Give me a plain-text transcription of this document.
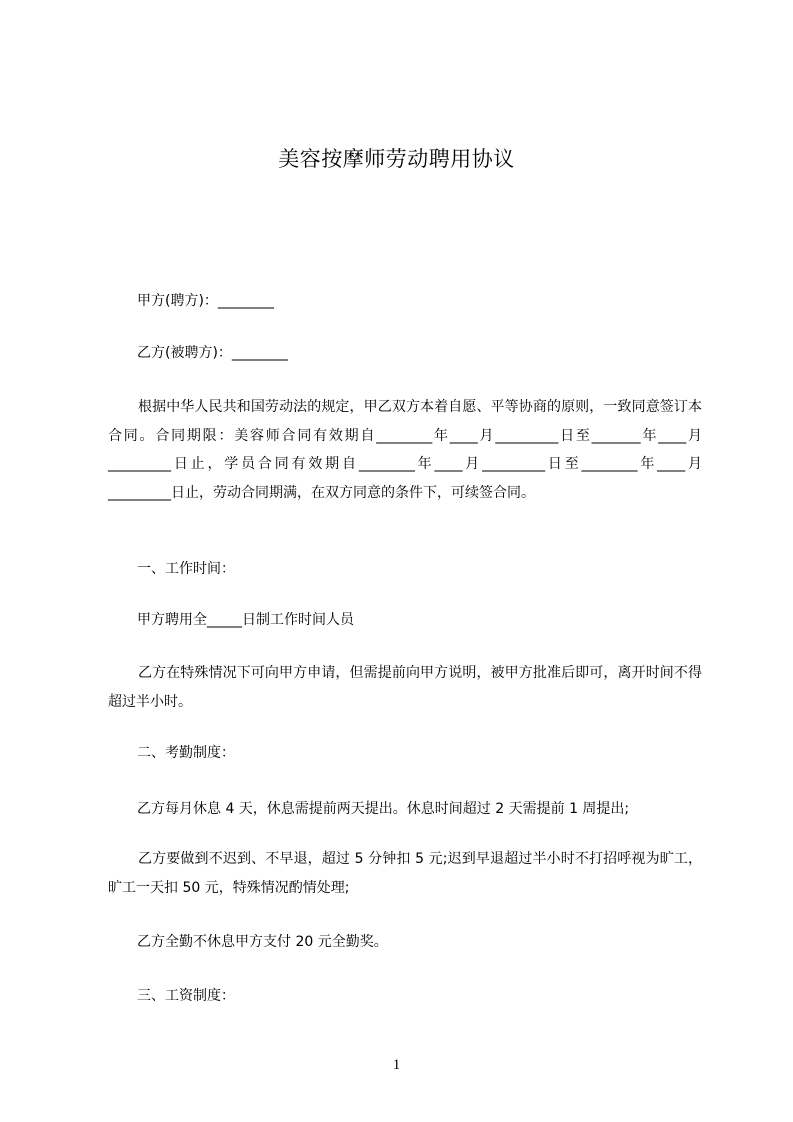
美容按摩师劳动聘用协议
甲方(聘方)：________
乙方(被聘方)：________
根据中华人民共和国劳动法的规定，甲乙双方本着自愿、平等协商的原则，一致同意签订本合同。合同期限：美容师合同有效期自________年____月_________日至_______年____月_________日止，学员合同有效期自________年____月_________日至________年____月_________日止，劳动合同期满，在双方同意的条件下，可续签合同。
一、工作时间：
甲方聘用全_____日制工作时间人员
乙方在特殊情况下可向甲方申请，但需提前向甲方说明，被甲方批准后即可，离开时间不得超过半小时。
二、考勤制度：
乙方每月休息 4 天，休息需提前两天提出。休息时间超过 2 天需提前 1 周提出;
乙方要做到不迟到、不早退，超过 5 分钟扣 5 元;迟到早退超过半小时不打招呼视为旷工，旷工一天扣 50 元，特殊情况酌情处理;
乙方全勤不休息甲方支付 20 元全勤奖。
三、工资制度：
1
